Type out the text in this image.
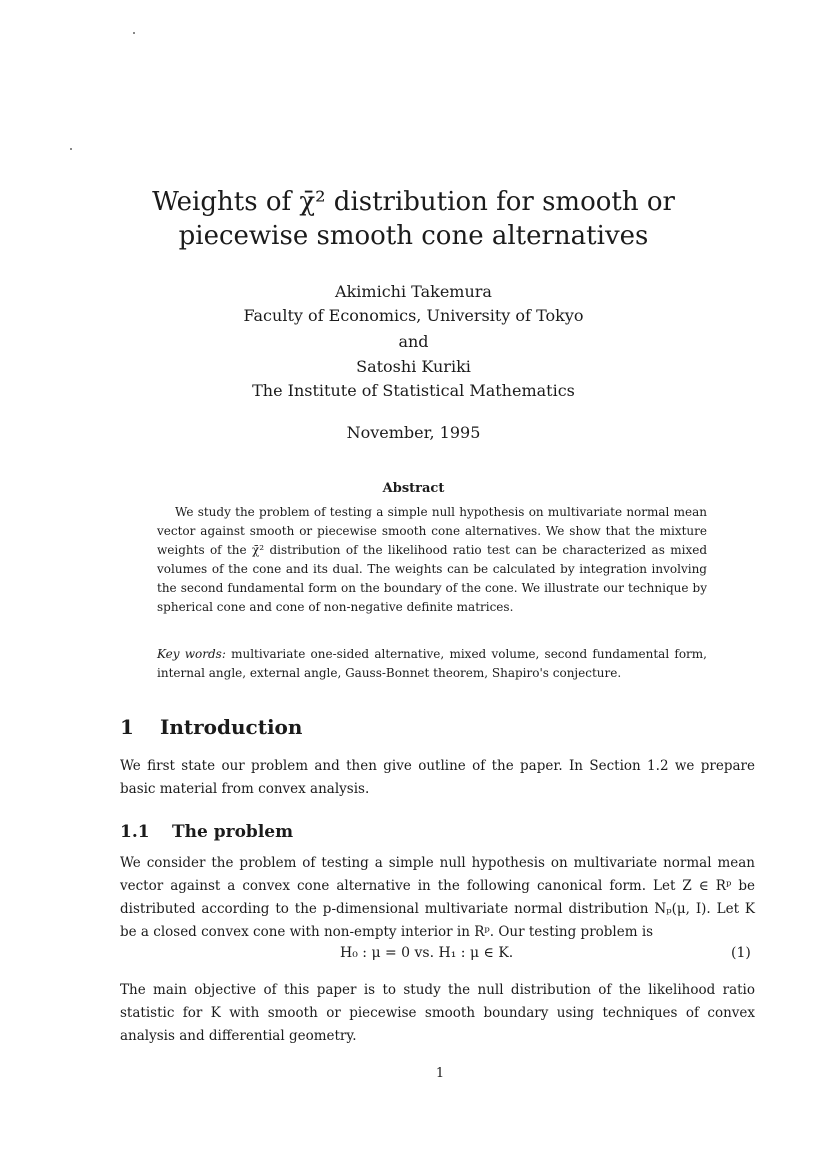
Weights of χ̄² distribution for smooth or
piecewise smooth cone alternatives
Akimichi Takemura
Faculty of Economics, University of Tokyo
and
Satoshi Kuriki
The Institute of Statistical Mathematics
November, 1995
Abstract
We study the problem of testing a simple null hypothesis on multivariate normal mean vector against smooth or piecewise smooth cone alternatives. We show that the mixture weights of the χ̄² distribution of the likelihood ratio test can be characterized as mixed volumes of the cone and its dual. The weights can be calculated by integration involving the second fundamental form on the boundary of the cone. We illustrate our technique by spherical cone and cone of non-negative definite matrices.
Key words: multivariate one-sided alternative, mixed volume, second fundamental form, internal angle, external angle, Gauss-Bonnet theorem, Shapiro's conjecture.
1 Introduction
We first state our problem and then give outline of the paper. In Section 1.2 we prepare basic material from convex analysis.
1.1 The problem
We consider the problem of testing a simple null hypothesis on multivariate normal mean vector against a convex cone alternative in the following canonical form. Let Z ∈ Rᵖ be distributed according to the p-dimensional multivariate normal distribution Nₚ(μ, I). Let K be a closed convex cone with non-empty interior in Rᵖ. Our testing problem is
H₀ : μ = 0 vs. H₁ : μ ∈ K.	(1)
The main objective of this paper is to study the null distribution of the likelihood ratio statistic for K with smooth or piecewise smooth boundary using techniques of convex analysis and differential geometry.
1
